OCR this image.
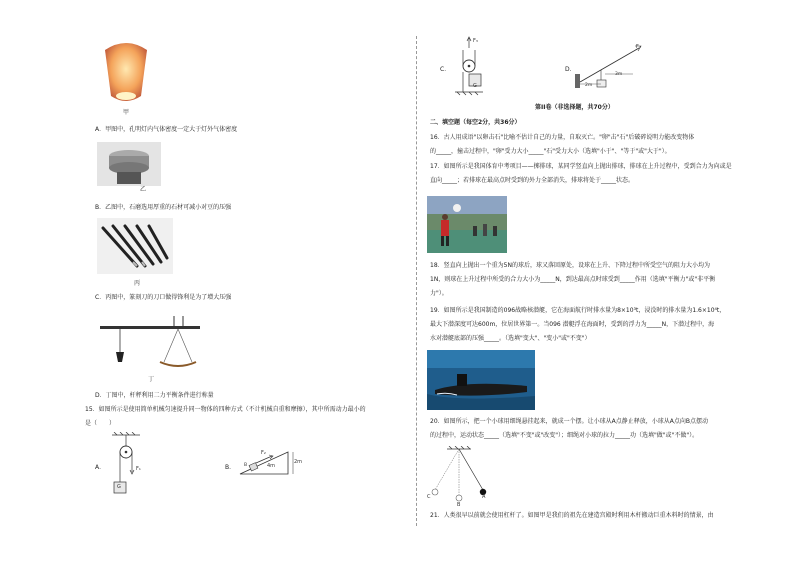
甲
A．甲图中，孔明灯内气体密度一定大于灯外气体密度
乙
B．乙图中，石磨选用厚重的石材可减小对豆的压强
丙
C．丙图中，篆刻刀的刀口做得锋利是为了增大压强
丁
D．丁图中，杆秤利用二力平衡条件进行称量
15．如图所示是使用简单机械匀速提升同一物体的四种方式（不计机械自重和摩擦），其中所需动力最小的
是（　　）
A．	F₁
G
B． B
F₂
4m
2m
C．
F₃
G
D．
F₄
3m
2m
第II卷（非选择题，共70分）
二、填空题（每空2分，共36分）
16．古人用成语"以卵击石"比喻不估计自己的力量，自取灭亡。"卵"击"石"后破碎说明力能改变物体
的_____，撞击过程中，"卵"受力大小_____"石"受力大小（选填"小于"、"等于"或"大于"）。
17．如图所示是我国体育中考项目——掷排球，某同学竖直向上抛出排球，排球在上升过程中，受到合力为向或是
直向_____；若排球在最高点时受到的外力全部消失，排球将处于_____状态。
18．竖直向上抛出一个重为5N的球后，球又落回原处，设球在上升、下降过程中所受空气的阻力大小均为
1N，则球在上升过程中所受的合力大小为_____N，到达最高点时球受到_____作用（选填"平衡力"或"非平衡
力"）。
19．如图所示是我国制造的096战略核潜艇，它在海面航行时排水量为8×10³t，浸没时的排水量为1.6×10⁴t，
最大下潜深度可达600m，位居世界第一。当096 潜艇浮在海面时，受到的浮力为_____N，下潜过程中，海
水对潜艇底部的压强_____。（选填"变大"、"变小"或"不变"）
20．如图所示，把一个小球用细绳悬挂起来，就成一个摆。让小球从A点静止释放，小球从A点向B点摆动
的过程中，运动状态_____（选填"不变"或"改变"）；细绳对小球的拉力_____功（选填"做"或"不做"）。
C
B
A
21．人类很早以前就会使用杠杆了。如图甲是我们的祖先在建造宫殿时利用木杆搬动巨重木料时的情景，由
